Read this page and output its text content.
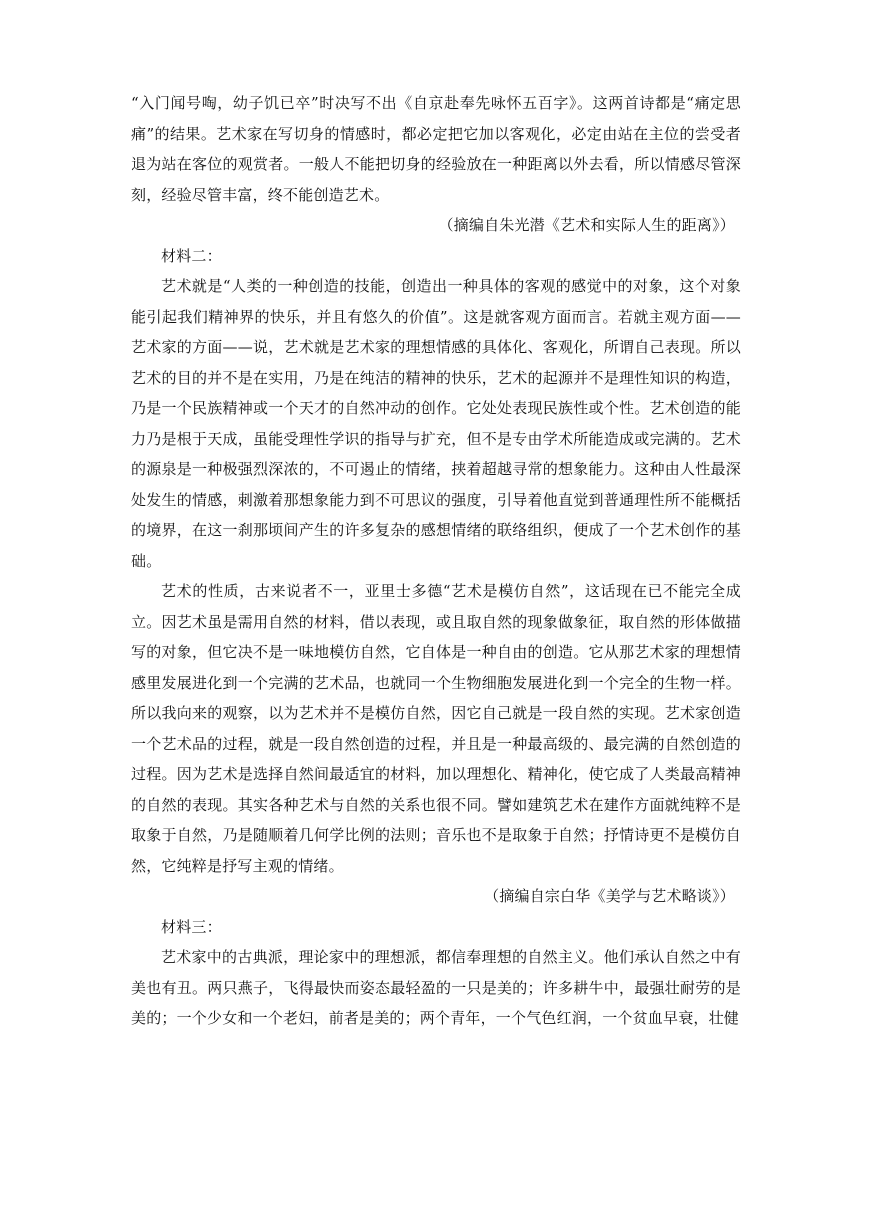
“入门闻号啕，幼子饥已卒”时决写不出《自京赴奉先咏怀五百字》。这两首诗都是“痛定思痛”的结果。艺术家在写切身的情感时，都必定把它加以客观化，必定由站在主位的尝受者退为站在客位的观赏者。一般人不能把切身的经验放在一种距离以外去看，所以情感尽管深刻，经验尽管丰富，终不能创造艺术。

（摘编自朱光潜《艺术和实际人生的距离》）

材料二：

艺术就是“人类的一种创造的技能，创造出一种具体的客观的感觉中的对象，这个对象能引起我们精神界的快乐，并且有悠久的价值”。这是就客观方面而言。若就主观方面——艺术家的方面——说，艺术就是艺术家的理想情感的具体化、客观化，所谓自己表现。所以艺术的目的并不是在实用，乃是在纯洁的精神的快乐，艺术的起源并不是理性知识的构造，乃是一个民族精神或一个天才的自然冲动的创作。它处处表现民族性或个性。艺术创造的能力乃是根于天成，虽能受理性学识的指导与扩充，但不是专由学术所能造成或完满的。艺术的源泉是一种极强烈深浓的，不可遏止的情绪，挟着超越寻常的想象能力。这种由人性最深处发生的情感，刺激着那想象能力到不可思议的强度，引导着他直觉到普通理性所不能概括的境界，在这一刹那顷间产生的许多复杂的感想情绪的联络组织，便成了一个艺术创作的基础。

艺术的性质，古来说者不一，亚里士多德“艺术是模仿自然”，这话现在已不能完全成立。因艺术虽是需用自然的材料，借以表现，或且取自然的现象做象征，取自然的形体做描写的对象，但它决不是一味地模仿自然，它自体是一种自由的创造。它从那艺术家的理想情感里发展进化到一个完满的艺术品，也就同一个生物细胞发展进化到一个完全的生物一样。所以我向来的观察，以为艺术并不是模仿自然，因它自己就是一段自然的实现。艺术家创造一个艺术品的过程，就是一段自然创造的过程，并且是一种最高级的、最完满的自然创造的过程。因为艺术是选择自然间最适宜的材料，加以理想化、精神化，使它成了人类最高精神的自然的表现。其实各种艺术与自然的关系也很不同。譬如建筑艺术在建作方面就纯粹不是取象于自然，乃是随顺着几何学比例的法则；音乐也不是取象于自然；抒情诗更不是模仿自然，它纯粹是抒写主观的情绪。

（摘编自宗白华《美学与艺术略谈》）

材料三：

艺术家中的古典派，理论家中的理想派，都信奉理想的自然主义。他们承认自然之中有美也有丑。两只燕子，飞得最快而姿态最轻盈的一只是美的；许多耕牛中，最强壮耐劳的是美的；一个少女和一个老妇，前者是美的；两个青年，一个气色红润，一个贫血早衰，壮健
